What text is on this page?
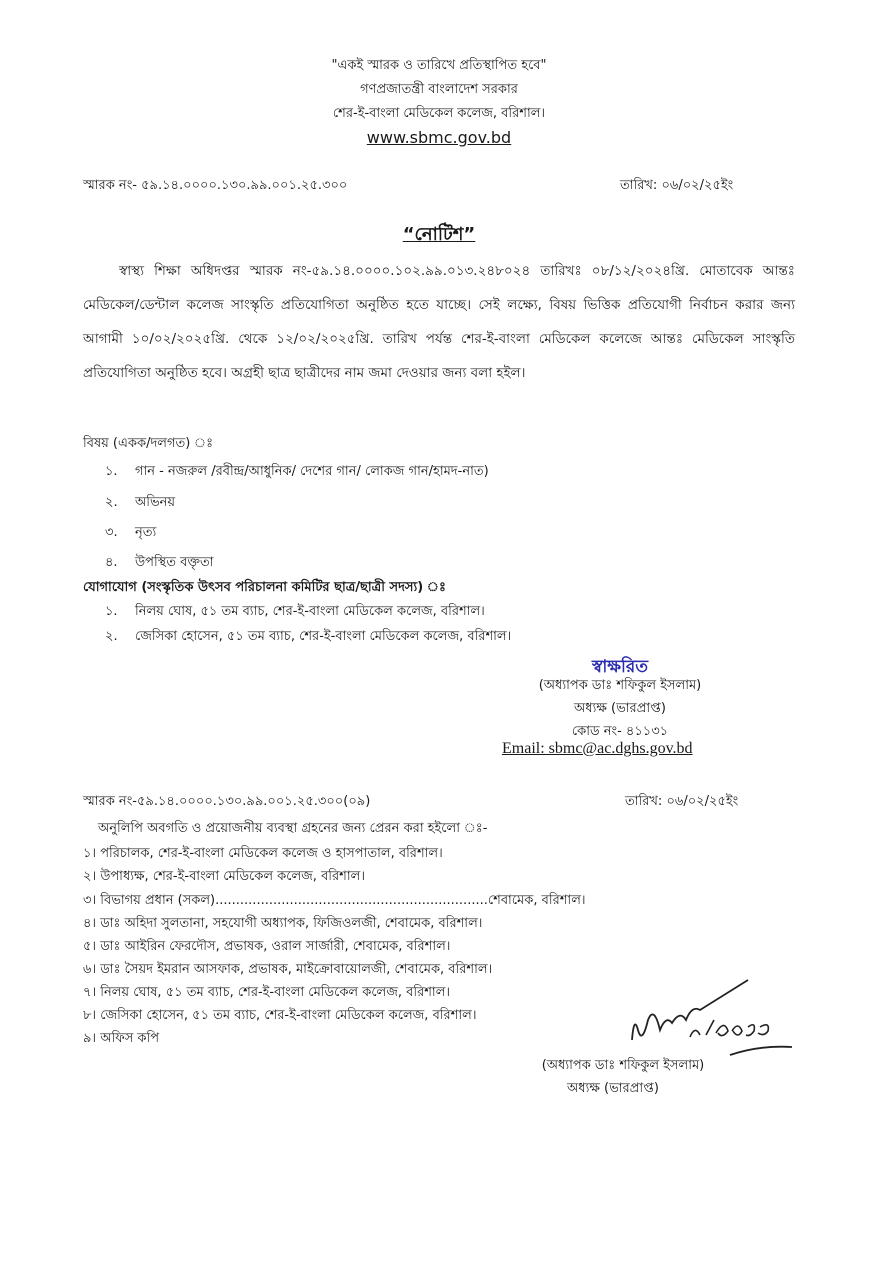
"একই স্মারক ও তারিখে প্রতিস্থাপিত হবে"
গণপ্রজাতন্ত্রী বাংলাদেশ সরকার
শের-ই-বাংলা মেডিকেল কলেজ, বরিশাল।
www.sbmc.gov.bd
স্মারক নং- ৫৯.১৪.০০০০.১৩০.৯৯.০০১.২৫.৩০০	তারিখ: ০৬/০২/২৫ইং
“নোটিশ”

স্বাস্থ্য শিক্ষা অধিদপ্তর স্মারক নং-৫৯.১৪.০০০০.১০২.৯৯.০১৩.২৪৮০২৪ তারিখঃ ০৮/১২/২০২৪খ্রি. মোতাবেক আন্তঃ মেডিকেল/ডেন্টাল কলেজ সাংস্কৃতি প্রতিযোগিতা অনুষ্ঠিত হতে যাচ্ছে। সেই লক্ষ্যে, বিষয় ভিত্তিক প্রতিযোগী নির্বাচন করার জন্য আগামী ১০/০২/২০২৫খ্রি. থেকে ১২/০২/২০২৫খ্রি. তারিখ পর্যন্ত শের-ই-বাংলা মেডিকেল কলেজে আন্তঃ মেডিকেল সাংস্কৃতি প্রতিযোগিতা অনুষ্ঠিত হবে। অগ্রহী ছাত্র ছাত্রীদের নাম জমা দেওয়ার জন্য বলা হইল।

বিষয় (একক/দলগত) ঃ
১. গান - নজরুল /রবীন্দ্র/আধুনিক/ দেশের গান/ লোকজ গান/হামদ-নাত)
২. অভিনয়
৩. নৃত্য
৪. উপস্থিত বক্তৃতা
যোগাযোগ (সংস্কৃতিক উৎসব পরিচালনা কমিটির ছাত্র/ছাত্রী সদস্য) ঃ
১. নিলয় ঘোষ, ৫১ তম ব্যাচ, শের-ই-বাংলা মেডিকেল কলেজ, বরিশাল।
২. জেসিকা হোসেন, ৫১ তম ব্যাচ, শের-ই-বাংলা মেডিকেল কলেজ, বরিশাল।
স্বাক্ষরিত
(অধ্যাপক ডাঃ শফিকুল ইসলাম)
অধ্যক্ষ (ভারপ্রাপ্ত)
কোড নং- ৪১১৩১
Email: sbmc@ac.dghs.gov.bd
স্মারক নং-৫৯.১৪.০০০০.১৩০.৯৯.০০১.২৫.৩০০(০৯)	তারিখ: ০৬/০২/২৫ইং
অনুলিপি অবগতি ও প্রয়োজনীয় ব্যবস্থা গ্রহনের জন্য প্রেরন করা হইলো ঃ-
১। পরিচালক, শের-ই-বাংলা মেডিকেল কলেজ ও হাসপাতাল, বরিশাল।
২। উপাধ্যক্ষ, শের-ই-বাংলা মেডিকেল কলেজ, বরিশাল।
৩। বিভাগয় প্রধান (সকল)..................................................................শেবামেক, বরিশাল।
৪। ডাঃ অহিদা সুলতানা, সহযোগী অধ্যাপক, ফিজিওলজী, শেবামেক, বরিশাল।
৫। ডাঃ আইরিন ফেরদৌস, প্রভাষক, ওরাল সার্জারী, শেবামেক, বরিশাল।
৬। ডাঃ সৈয়দ ইমরান আসফাক, প্রভাষক, মাইক্রোবায়োলজী, শেবামেক, বরিশাল।
৭। নিলয় ঘোষ, ৫১ তম ব্যাচ, শের-ই-বাংলা মেডিকেল কলেজ, বরিশাল।
৮। জেসিকা হোসেন, ৫১ তম ব্যাচ, শের-ই-বাংলা মেডিকেল কলেজ, বরিশাল।
৯। অফিস কপি
(অধ্যাপক ডাঃ শফিকুল ইসলাম)
অধ্যক্ষ (ভারপ্রাপ্ত)
